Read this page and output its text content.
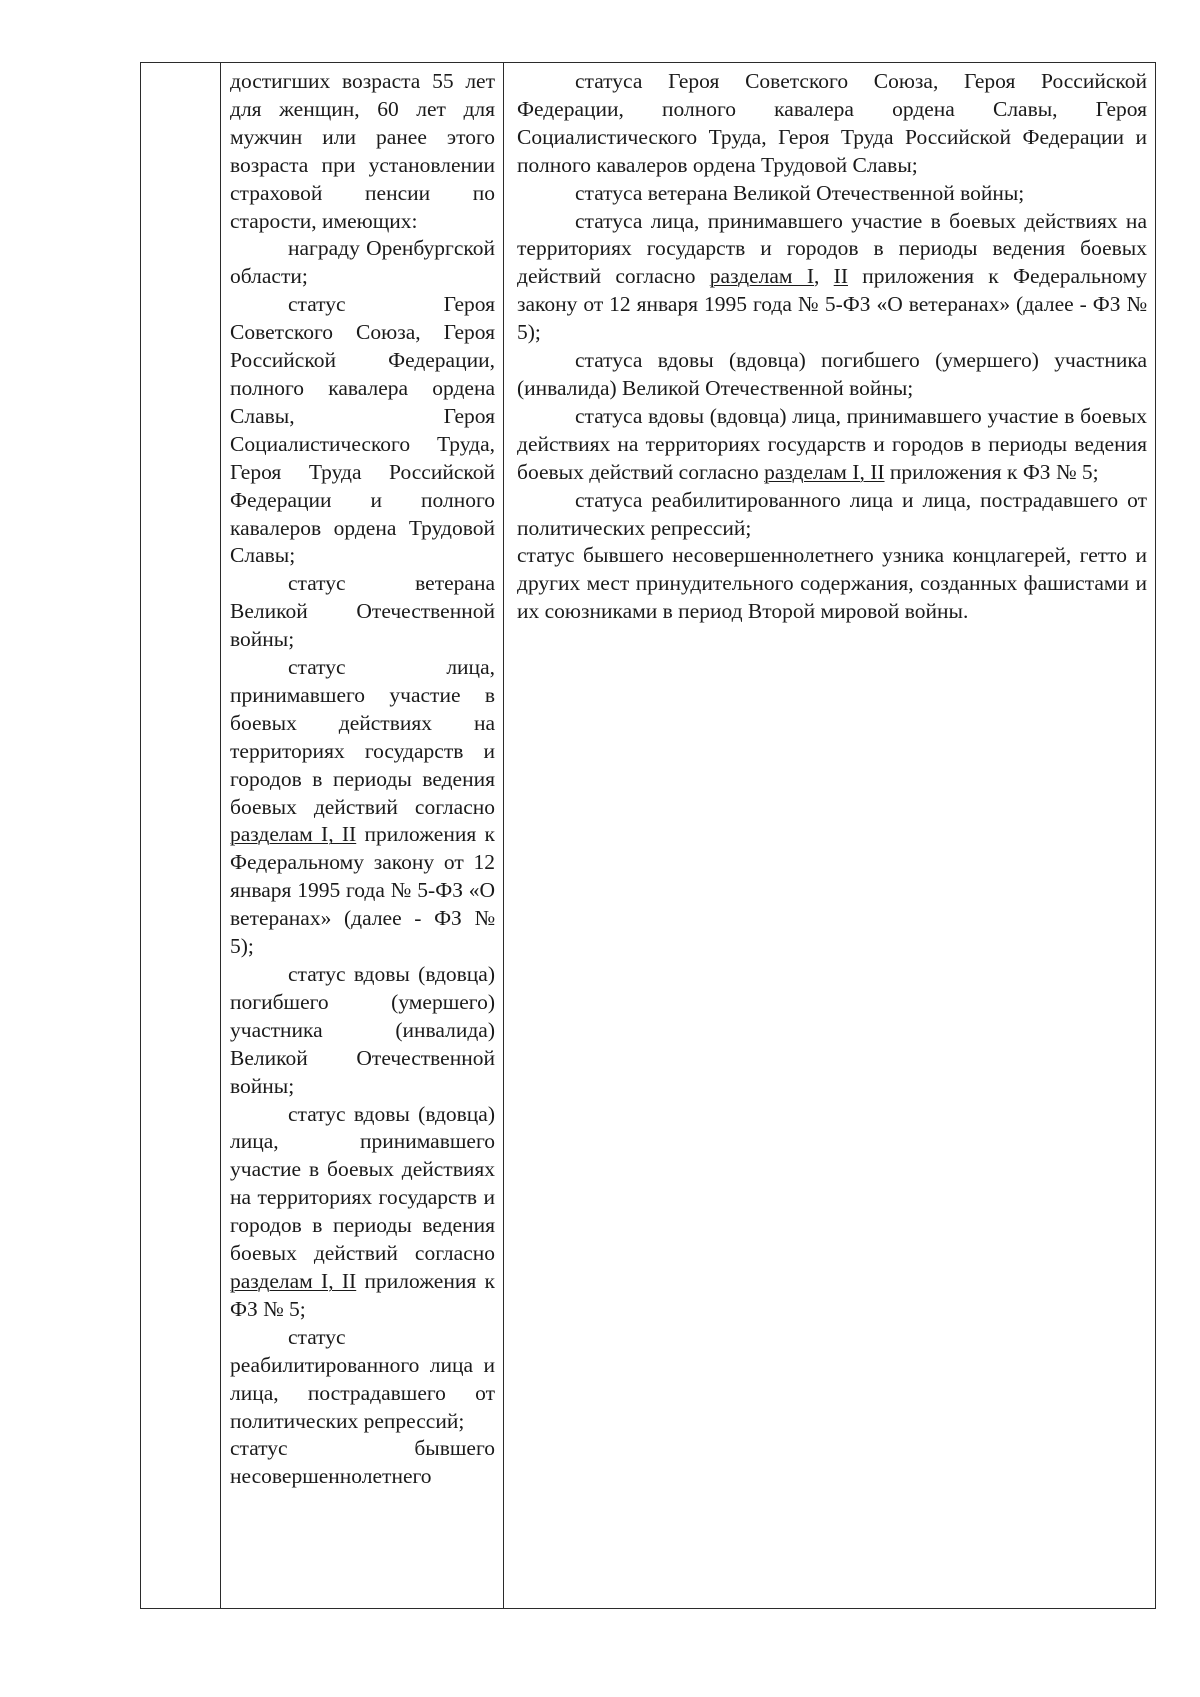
достигших возраста 55 лет для женщин, 60 лет для мужчин или ранее этого возраста при установлении страховой пенсии по старости, имеющих:

награду Оренбургской области;

статус Героя Советского Союза, Героя Российской Федерации, полного кавалера ордена Славы, Героя Социалистического Труда, Героя Труда Российской Федерации и полного кавалеров ордена Трудовой Славы;

статус ветерана Великой Отечественной войны;

статус лица, принимавшего участие в боевых действиях на территориях государств и городов в периоды ведения боевых действий согласно разделам I, II приложения к Федеральному закону от 12 января 1995 года № 5-ФЗ «О ветеранах» (далее - ФЗ № 5);

статус вдовы (вдовца) погибшего (умершего) участника (инвалида) Великой Отечественной войны;

статус вдовы (вдовца) лица, принимавшего участие в боевых действиях на территориях государств и городов в периоды ведения боевых действий согласно разделам I, II приложения к ФЗ № 5;

статус реабилитированного лица и лица, пострадавшего от политических репрессий;

статус бывшего несовершеннолетнего

статуса Героя Советского Союза, Героя Российской Федерации, полного кавалера ордена Славы, Героя Социалистического Труда, Героя Труда Российской Федерации и полного кавалеров ордена Трудовой Славы;

статуса ветерана Великой Отечественной войны;

статуса лица, принимавшего участие в боевых действиях на территориях государств и городов в периоды ведения боевых действий согласно разделам I, II приложения к Федеральному закону от 12 января 1995 года № 5-ФЗ «О ветеранах» (далее - ФЗ № 5);

статуса вдовы (вдовца) погибшего (умершего) участника (инвалида) Великой Отечественной войны;

статуса вдовы (вдовца) лица, принимавшего участие в боевых действиях на территориях государств и городов в периоды ведения боевых действий согласно разделам I, II приложения к ФЗ № 5;

статуса реабилитированного лица и лица, пострадавшего от политических репрессий;

статус бывшего несовершеннолетнего узника концлагерей, гетто и других мест принудительного содержания, созданных фашистами и их союзниками в период Второй мировой войны.
